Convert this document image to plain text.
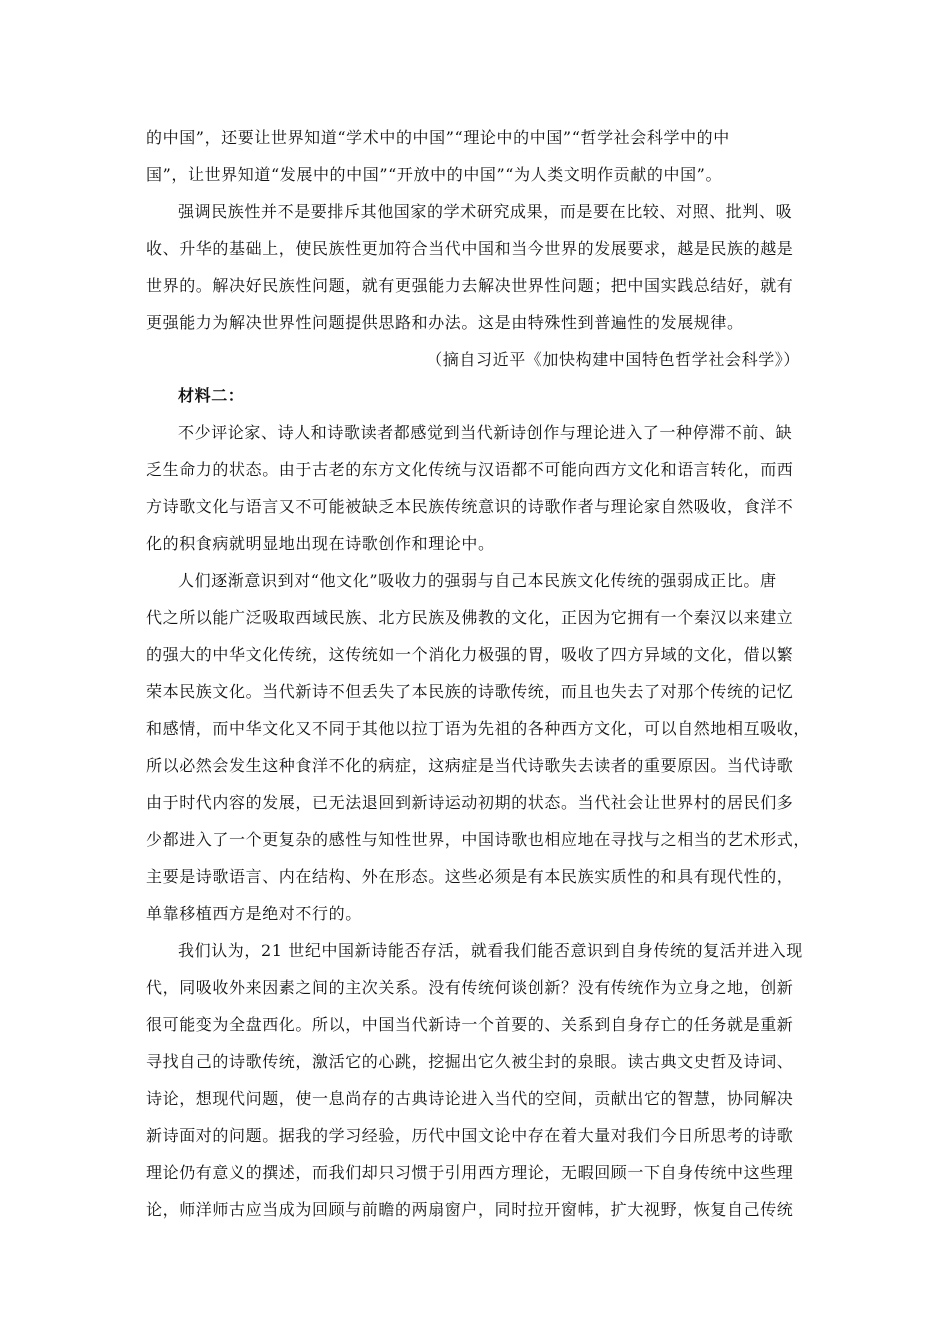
的中国”，还要让世界知道“学术中的中国”“理论中的中国”“哲学社会科学中的中
国”，让世界知道“发展中的中国”“开放中的中国”“为人类文明作贡献的中国”。
强调民族性并不是要排斥其他国家的学术研究成果，而是要在比较、对照、批判、吸
收、升华的基础上，使民族性更加符合当代中国和当今世界的发展要求，越是民族的越是
世界的。解决好民族性问题，就有更强能力去解决世界性问题；把中国实践总结好，就有
更强能力为解决世界性问题提供思路和办法。这是由特殊性到普遍性的发展规律。
（摘自习近平《加快构建中国特色哲学社会科学》）
材料二：
不少评论家、诗人和诗歌读者都感觉到当代新诗创作与理论进入了一种停滞不前、缺
乏生命力的状态。由于古老的东方文化传统与汉语都不可能向西方文化和语言转化，而西
方诗歌文化与语言又不可能被缺乏本民族传统意识的诗歌作者与理论家自然吸收，食洋不
化的积食病就明显地出现在诗歌创作和理论中。
人们逐渐意识到对“他文化”吸收力的强弱与自己本民族文化传统的强弱成正比。唐
代之所以能广泛吸取西域民族、北方民族及佛教的文化，正因为它拥有一个秦汉以来建立
的强大的中华文化传统，这传统如一个消化力极强的胃，吸收了四方异域的文化，借以繁
荣本民族文化。当代新诗不但丢失了本民族的诗歌传统，而且也失去了对那个传统的记忆
和感情，而中华文化又不同于其他以拉丁语为先祖的各种西方文化，可以自然地相互吸收，
所以必然会发生这种食洋不化的病症，这病症是当代诗歌失去读者的重要原因。当代诗歌
由于时代内容的发展，已无法退回到新诗运动初期的状态。当代社会让世界村的居民们多
少都进入了一个更复杂的感性与知性世界，中国诗歌也相应地在寻找与之相当的艺术形式，
主要是诗歌语言、内在结构、外在形态。这些必须是有本民族实质性的和具有现代性的，
单靠移植西方是绝对不行的。
我们认为，21 世纪中国新诗能否存活，就看我们能否意识到自身传统的复活并进入现
代，同吸收外来因素之间的主次关系。没有传统何谈创新？没有传统作为立身之地，创新
很可能变为全盘西化。所以，中国当代新诗一个首要的、关系到自身存亡的任务就是重新
寻找自己的诗歌传统，激活它的心跳，挖掘出它久被尘封的泉眼。读古典文史哲及诗词、
诗论，想现代问题，使一息尚存的古典诗论进入当代的空间，贡献出它的智慧，协同解决
新诗面对的问题。据我的学习经验，历代中国文论中存在着大量对我们今日所思考的诗歌
理论仍有意义的撰述，而我们却只习惯于引用西方理论，无暇回顾一下自身传统中这些理
论，师洋师古应当成为回顾与前瞻的两扇窗户，同时拉开窗帏，扩大视野，恢复自己传统
